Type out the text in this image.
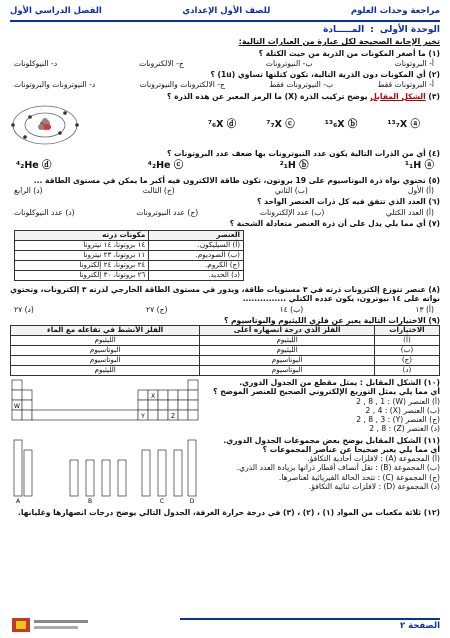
مراجعة وحدات العلوم
للصف الأول الإعدادي
الفصل الدراسي الأول
الوحدة الأولى
:
المـــــادة
تخير الإجابة الصحيحة لكل عبارة من العبارات التالية:
(١) ما أصغر المكونات من الذرية من حيث الكتلة ؟
أ- البروتونات
ب- النيوترونات
ج- الالكترونات
د- النيوكلونات
(٢) أي المكونات دون الذرية التالية، تكون كتلتها تساوي (1u) ؟
أ- البروتونات فقط
ب- النيوترونات فقط
ج- الالكترونات والنيوترونات
د- النيوترونات والبروتونات
(٣) الشكل المقابل يوضح تركيب الذرة (X) ما الرمز المعبر عن هذه الذرة ؟
¹³₇X ⓐ
¹³₆X ⓑ
⁷₇X ⓒ
⁷₆X ⓓ
(٤) أي من الذرات التالية يكون عدد النيوترونات بها ضعف عدد البروتونات ؟
¹₁H ⓐ
²₁H ⓑ
⁴₂He ⓒ
⁴₂He ⓓ
(٥) تحتوي نواة ذرة البوتاسيوم على 19 بروتون، تكون طاقة الالكترون فيه أكبر ما يمكن في مستوى الطاقة ...
(أ) الأول
(ب) الثاني
(ج) الثالث
(د) الرابع
(٦) العدد الذي تتفق فيه كل ذرات العنصر الواحد ؟
(أ) العدد الكتلي
(ب) عدد الإلكترونات
(ج) عدد النيوترونات
(د) عدد النيوكلونات
(٧) أي مما يلي يدل على أن ذرة العنصر متعادلة الشحنة ؟
العنصر	مكونات ذرته
(أ) السيليكون.	١٤ بروتونا، ١٤ نيترونا
(ب) الصوديوم.	١١ بروتونا، ٢٣ نيترونا
(ج) الكروم.	٢٤ بروتونا، ٢٤ إلكترونا
(د) الحديد.	٢٦ بروتونا، ٣٠ إلكترونا
(٨) عنصر تتوزع إلكترونات ذرته في ٣ مستويات طاقة، ويدور في مستوى الطاقة الخارجي لذرته ٣ إلكترونات، وتحتوي نواته على ١٤ نيوترون، يكون عدده الكتلي ...............
(أ) ١٣
(ب) ١٤
(ج) ٢٧
(د) ٢٧
(٩) الاختيارات التالية يعبر عن فلزي الليثيوم والبوتاسيوم ؟
الاختيارات	الفلز الذي درجة انصهاره أعلى	الفلز الأنشط في تفاعله مع الماء
(أ)	الليثيوم	الليثيوم
(ب)	الليثيوم	البوتاسيوم
(ج)	البوتاسيوم	البوتاسيوم
(د)	البوتاسيوم	الليثيوم
(١٠) الشكل المقابل : يمثل مقطع من الجدول الدوري.
أي مما يلي يمثل التوزيع الإلكتروني الصحيح للعنصر الموضح ؟
(أ) العنصر (W) : 2 , 8 , 1
(ب) العنصر (X) : 2 , 4
(ج) العنصر (Y) : 2 , 8 , 3
(د) العنصر (Z) : 2 , 8
W
X
Y	Z
(١١) الشكل المقابل يوضح بعض مجموعات الجدول الدوري.
أي مما يلي يعبر صحيحا عن عناصر المجموعات ؟
(أ) المجموعة (A) : لافلزات أحادية التكافؤ.
(ب) المجموعة (B) : تقل أنصاف أقطار ذراتها بزيادة العدد الذري.
(ج) المجموعة (C) : تتحد الحالة الفيزيائية لعناصرها.
(د) المجموعة (D) : لافلزات ثنائية التكافؤ.
A	B	C	D
(١٢) ثلاثة مكعبات من المواد (١) ، (٢) ، (٣) في درجة حرارة الغرفة، الجدول التالي يوضح درجات انصهارها وغليانها.
الصفحة ٢
